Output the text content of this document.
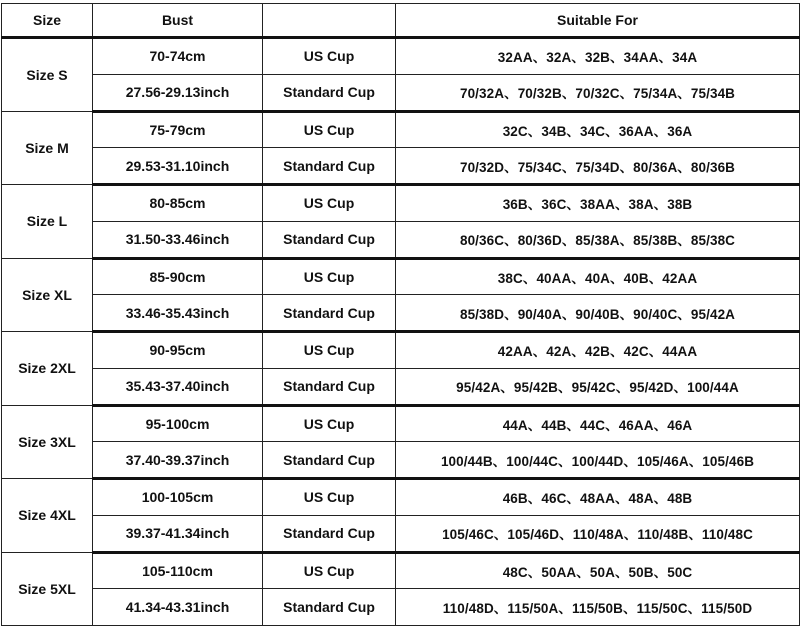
Size	Bust		Suitable For
Size S	70-74cm	US Cup	32AA、32A、32B、34AA、34A
	27.56-29.13inch	Standard Cup	70/32A、70/32B、70/32C、75/34A、75/34B
Size M	75-79cm	US Cup	32C、34B、34C、36AA、36A
	29.53-31.10inch	Standard Cup	70/32D、75/34C、75/34D、80/36A、80/36B
Size L	80-85cm	US Cup	36B、36C、38AA、38A、38B
	31.50-33.46inch	Standard Cup	80/36C、80/36D、85/38A、85/38B、85/38C
Size XL	85-90cm	US Cup	38C、40AA、40A、40B、42AA
	33.46-35.43inch	Standard Cup	85/38D、90/40A、90/40B、90/40C、95/42A
Size 2XL	90-95cm	US Cup	42AA、42A、42B、42C、44AA
	35.43-37.40inch	Standard Cup	95/42A、95/42B、95/42C、95/42D、100/44A
Size 3XL	95-100cm	US Cup	44A、44B、44C、46AA、46A
	37.40-39.37inch	Standard Cup	100/44B、100/44C、100/44D、105/46A、105/46B
Size 4XL	100-105cm	US Cup	46B、46C、48AA、48A、48B
	39.37-41.34inch	Standard Cup	105/46C、105/46D、110/48A、110/48B、110/48C
Size 5XL	105-110cm	US Cup	48C、50AA、50A、50B、50C
	41.34-43.31inch	Standard Cup	110/48D、115/50A、115/50B、115/50C、115/50D
